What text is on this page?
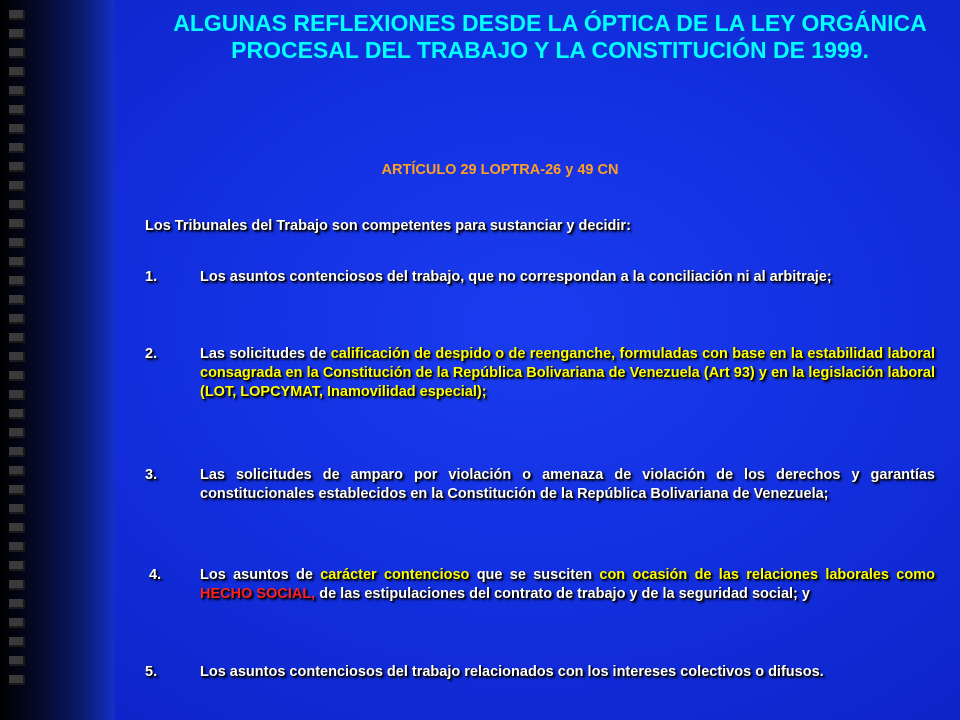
ALGUNAS REFLEXIONES DESDE LA ÓPTICA DE LA LEY ORGÁNICA PROCESAL DEL TRABAJO Y LA CONSTITUCIÓN DE 1999.
ARTÍCULO 29 LOPTRA-26 y 49 CN
Los Tribunales del Trabajo son competentes para sustanciar y decidir:
1.	Los asuntos contenciosos del trabajo, que no correspondan a la conciliación ni al arbitraje;
2.	Las solicitudes de calificación de despido o de reenganche, formuladas con base en la estabilidad laboral consagrada en la Constitución de la República Bolivariana de Venezuela (Art 93) y en la legislación laboral (LOT, LOPCYMAT, Inamovilidad especial);
3.	Las solicitudes de amparo por violación o amenaza de violación de los derechos y garantías constitucionales establecidos en la Constitución de la República Bolivariana de Venezuela;
4.	Los asuntos de carácter contencioso que se susciten con ocasión de las relaciones laborales como HECHO SOCIAL, de las estipulaciones del contrato de trabajo y de la seguridad social; y
5.	Los asuntos contenciosos del trabajo relacionados con los intereses colectivos o difusos.
